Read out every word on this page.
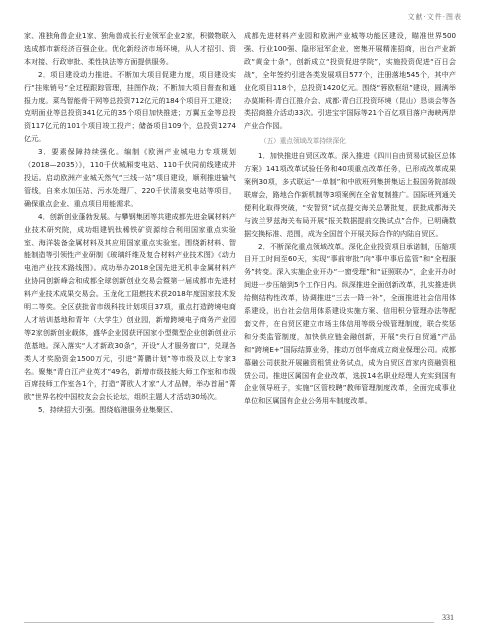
文献·文件·图表

家、准独角兽企业1家、独角兽成长行业领军企业2家，积微物联入选成都市新经济百强企业。优化新经济市场环境，从人才招引、资本对接、行政审批、柔性执法等方面提供服务。

2．项目建设动力推进。不断加大项目促建力度，项目建设实行“挂账销号”全过程跟踪管理，挂图作战；不断加大项目督查和通报力度。菜鸟智能骨干网等总投资712亿元的184个项目开工建设；克明面业等总投资341亿元的35个项目加快推进；万翼五金等总投资117亿元的101个项目竣工投产；储备项目109个，总投资1274亿元。

3．要素保障持续强化。编制《欧洲产业城电力专项规划（2018—2035）》，110千伏城厢变电站、110千伏同前线建成并投运。启动欧洲产业城天然气“三线一站”项目建设，顺利推进输气管线，自来水加压站、污水处理厂、220千伏清泉变电站等项目，确保重点企业、重点项目用能需求。

4．创新创业蓬勃发展。与攀钢集团等共建成都先进金属材料产业技术研究院，成功组建钒钛稀铁矿资源综合利用国家重点实验室、海洋装备金属材料及其应用国家重点实验室。围绕新材料、智能制造等引领性产业研制《玻璃纤维及复合材料产业技术图》《动力电池产业技术路线图》。成功举办2018全国先进无机非金属材料产业协同创新峰会和成都全球创新创业交易会暨第一届成都市先进材料产业技术成果交易会。玉龙化工阻燃技术获2018年度国家技术发明二等奖。全区获批省市级科技计划项目37项，重点打造跨境电商人才培训基地和青年（大学生）创业园，新增跨境电子商务产业园等2家创新创业载体，盛华企业园获评国家小型微型企业创新创业示范基地。深入落实“人才新政30条”，开设“人才服务窗口”，兑现各类人才奖励资金1500万元，引进“菁鹏计划”等市级及以上专家3名。聚集“青白江产业英才”49名，新增市级技能大师工作室和市级百席技师工作室各1个，打造“菁欧人才家”人才品牌，举办首届“菁欧”世界名校中国校友会会长论坛，组织主题人才活动30场次。

5．持续招大引强。围绕临港服务业集聚区、

成都先进材料产业园和欧洲产业城等功能区建设，瞄准世界500强、行业100强、隐形冠军企业，密集开展精准招商，出台产业新政“黄金十条”，创新成立“投资促进学院”，实施投资促进“百日会战”，全年签约引进各类发展项目577个，注册落地545个，其中产业化项目118个，总投资1420亿元。围绕“蓉欧枢纽”建设，圆满举办莫斯科·青白江推介会、成都·青白江投资环境（昆山）恳谈会等各类招商推介活动33次。引进宝宇国际等21个百亿项目落户海峡两岸产业合作园。

（五）重点领域改革持续深化

1．加快推进自贸区改革。深入推进《四川自由贸易试验区总体方案》141项改革试验任务和40项重点改革任务，已形成改革成果案例30项，多式联运“一单制”和中欧班列集拼集运上报国务院部级联席会，路地合作新机制等3项案例在全省复制推广。国际班列通关便利化取得突破，“安智贸”试点提交海关总署批复，获批成都海关与波兰罗兹海关布局开展“报关数据提前交换试点”合作，已明确数据交换标准、范围，成为全国首个开展关际合作的内陆自贸区。

2．不断深化重点领域改革。深化企业投资项目承诺制，压缩项目开工时间至60天，实现“事前审批”向“事中事后监管”和“全程服务”转变。深入实施企业开办“一窗受理”和“证照联办”，企业开办时间进一步压缩到5个工作日内。纵深推进全面创新改革，扎实推进供给侧结构性改革，协调推进“三去一降一补”，全面推进社会信用体系建设，出台社会信用体系建设实施方案、信用积分管理办法等配套文件，在自贸区建立市场主体信用等级分级管理制度，联合奖惩和分类监管制度，加快供应链金融创新，开展“央行自贸通”产品和“跨境E+”国际结算业务，推动万创华南成立商业保理公司。成都慕融公司获批开展融资租赁业务试点，成为自贸区首家内资融资租赁公司。推进区属国有企业改革，选拔14名职业经理人充实到国有企业领导班子，实施“区管校聘”教师管理制度改革，全面完成事业单位和区属国有企业公务用车制度改革。

331
